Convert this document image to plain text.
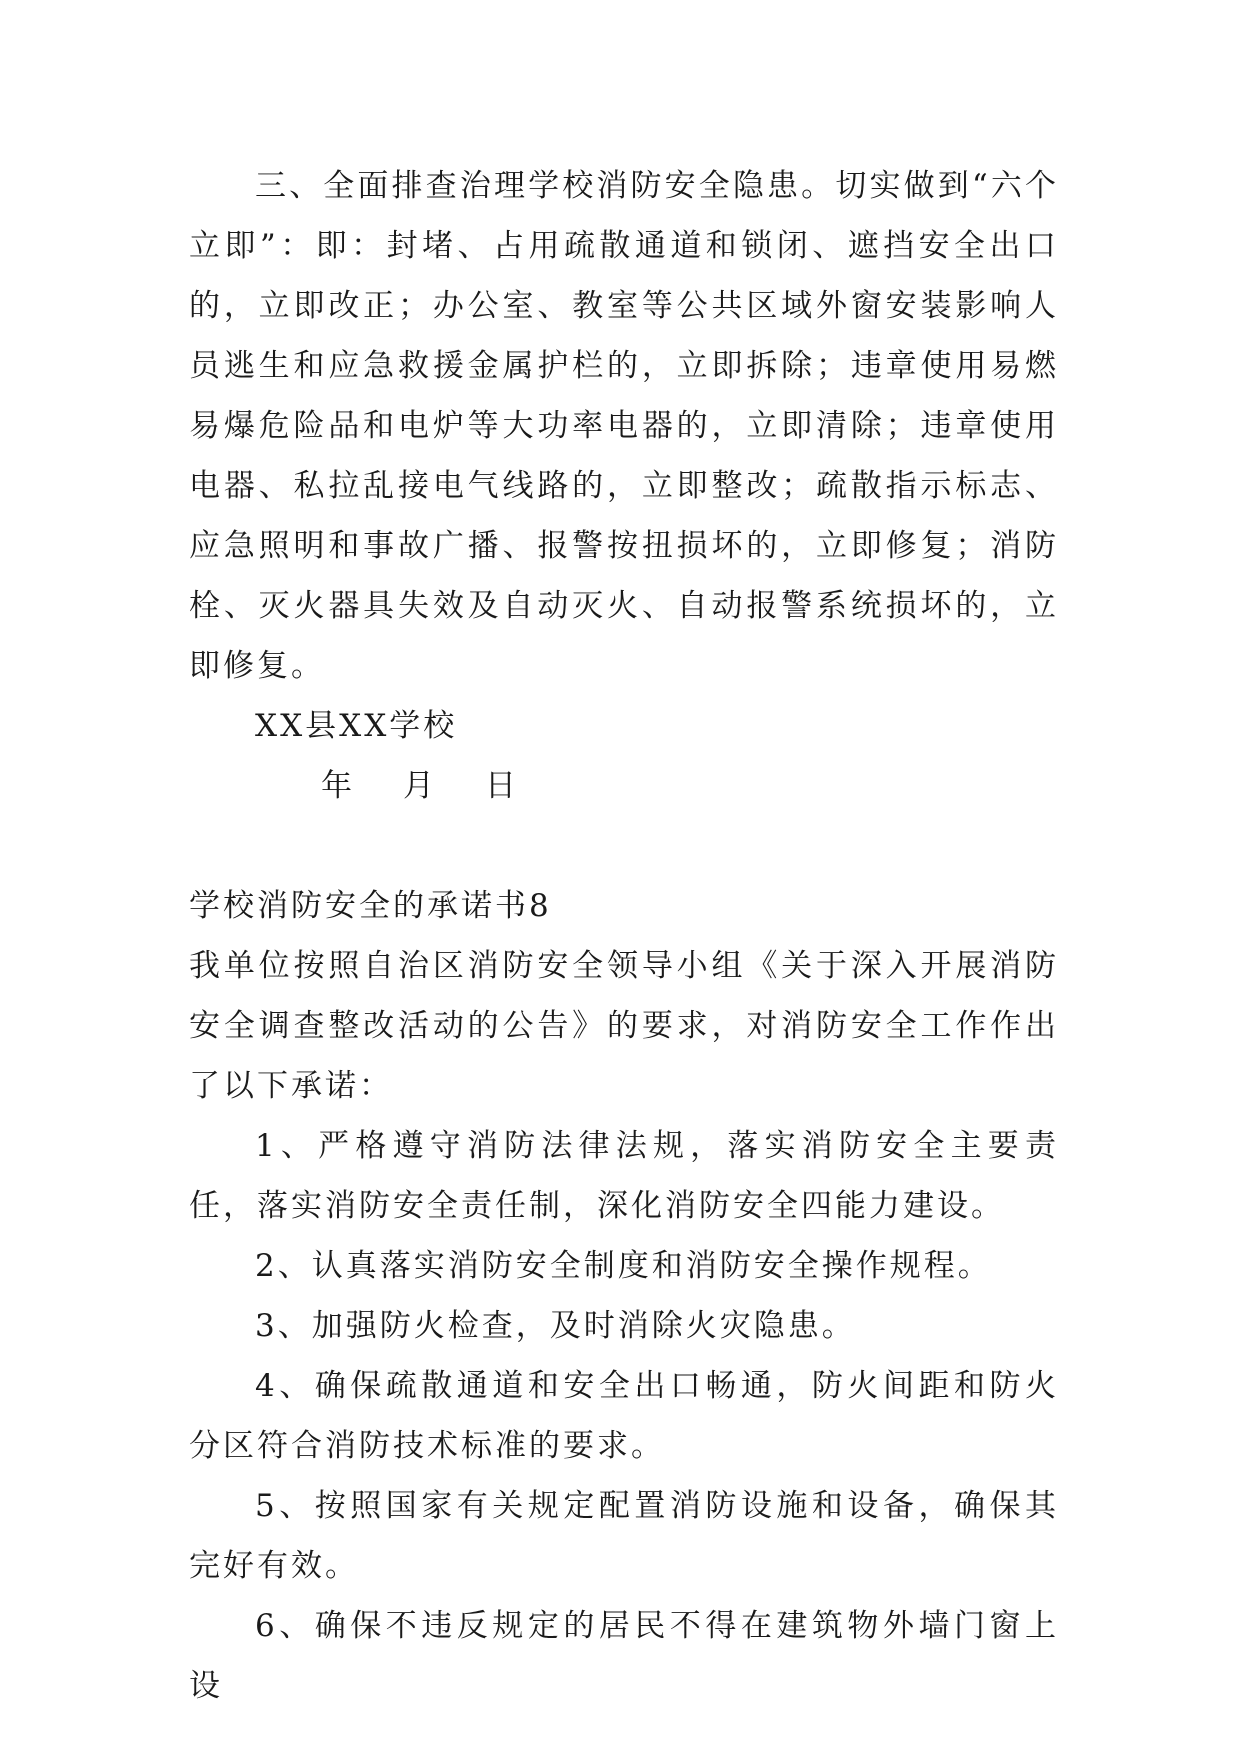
三、全面排查治理学校消防安全隐患。切实做到“六个立即”：即：封堵、占用疏散通道和锁闭、遮挡安全出口的，立即改正；办公室、教室等公共区域外窗安装影响人员逃生和应急救援金属护栏的，立即拆除；违章使用易燃易爆危险品和电炉等大功率电器的，立即清除；违章使用电器、私拉乱接电气线路的，立即整改；疏散指示标志、应急照明和事故广播、报警按扭损坏的，立即修复；消防栓、灭火器具失效及自动灭火、自动报警系统损坏的，立即修复。

XX县XX学校

年 月 日

学校消防安全的承诺书8

我单位按照自治区消防安全领导小组《关于深入开展消防安全调查整改活动的公告》的要求，对消防安全工作作出了以下承诺：

1、严格遵守消防法律法规，落实消防安全主要责任，落实消防安全责任制，深化消防安全四能力建设。

2、认真落实消防安全制度和消防安全操作规程。

3、加强防火检查，及时消除火灾隐患。

4、确保疏散通道和安全出口畅通，防火间距和防火分区符合消防技术标准的要求。

5、按照国家有关规定配置消防设施和设备，确保其完好有效。

6、确保不违反规定的居民不得在建筑物外墙门窗上设
